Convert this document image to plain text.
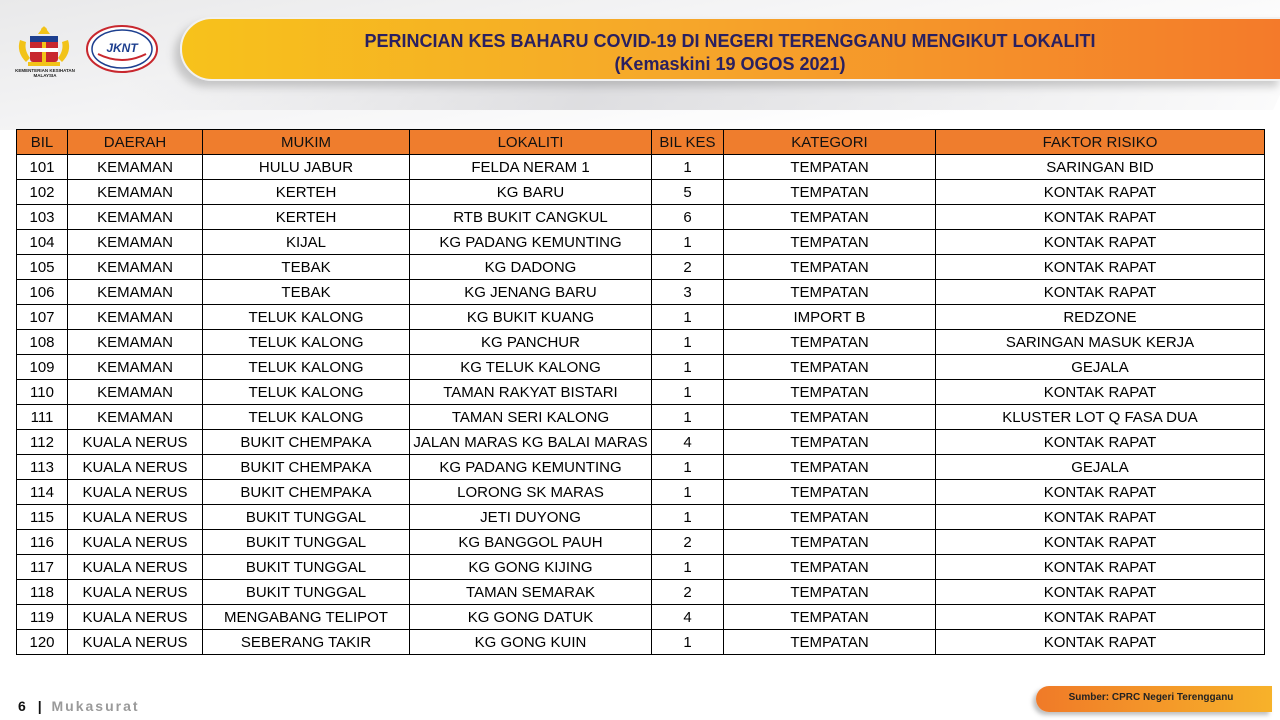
KEMENTERIAN KESIHATAN MALAYSIA
JKNT	PERINCIAN KES BAHARU COVID-19 DI NEGERI TERENGGANU MENGIKUT LOKALITI
(Kemaskini 19 OGOS 2021)
BIL	DAERAH	MUKIM	LOKALITI	BIL KES	KATEGORI	FAKTOR RISIKO
101	KEMAMAN	HULU JABUR	FELDA NERAM 1	1	TEMPATAN	SARINGAN BID
102	KEMAMAN	KERTEH	KG BARU	5	TEMPATAN	KONTAK RAPAT
103	KEMAMAN	KERTEH	RTB BUKIT CANGKUL	6	TEMPATAN	KONTAK RAPAT
104	KEMAMAN	KIJAL	KG PADANG KEMUNTING	1	TEMPATAN	KONTAK RAPAT
105	KEMAMAN	TEBAK	KG DADONG	2	TEMPATAN	KONTAK RAPAT
106	KEMAMAN	TEBAK	KG JENANG BARU	3	TEMPATAN	KONTAK RAPAT
107	KEMAMAN	TELUK KALONG	KG BUKIT KUANG	1	IMPORT B	REDZONE
108	KEMAMAN	TELUK KALONG	KG PANCHUR	1	TEMPATAN	SARINGAN MASUK KERJA
109	KEMAMAN	TELUK KALONG	KG TELUK KALONG	1	TEMPATAN	GEJALA
110	KEMAMAN	TELUK KALONG	TAMAN RAKYAT BISTARI	1	TEMPATAN	KONTAK RAPAT
111	KEMAMAN	TELUK KALONG	TAMAN SERI KALONG	1	TEMPATAN	KLUSTER LOT Q FASA DUA
112	KUALA NERUS	BUKIT CHEMPAKA	JALAN MARAS KG BALAI MARAS	4	TEMPATAN	KONTAK RAPAT
113	KUALA NERUS	BUKIT CHEMPAKA	KG PADANG KEMUNTING	1	TEMPATAN	GEJALA
114	KUALA NERUS	BUKIT CHEMPAKA	LORONG SK MARAS	1	TEMPATAN	KONTAK RAPAT
115	KUALA NERUS	BUKIT TUNGGAL	JETI DUYONG	1	TEMPATAN	KONTAK RAPAT
116	KUALA NERUS	BUKIT TUNGGAL	KG BANGGOL PAUH	2	TEMPATAN	KONTAK RAPAT
117	KUALA NERUS	BUKIT TUNGGAL	KG GONG KIJING	1	TEMPATAN	KONTAK RAPAT
118	KUALA NERUS	BUKIT TUNGGAL	TAMAN SEMARAK	2	TEMPATAN	KONTAK RAPAT
119	KUALA NERUS	MENGABANG TELIPOT	KG GONG DATUK	4	TEMPATAN	KONTAK RAPAT
120	KUALA NERUS	SEBERANG TAKIR	KG GONG KUIN	1	TEMPATAN	KONTAK RAPAT
6 | Mukasurat
Sumber: CPRC Negeri Terengganu
